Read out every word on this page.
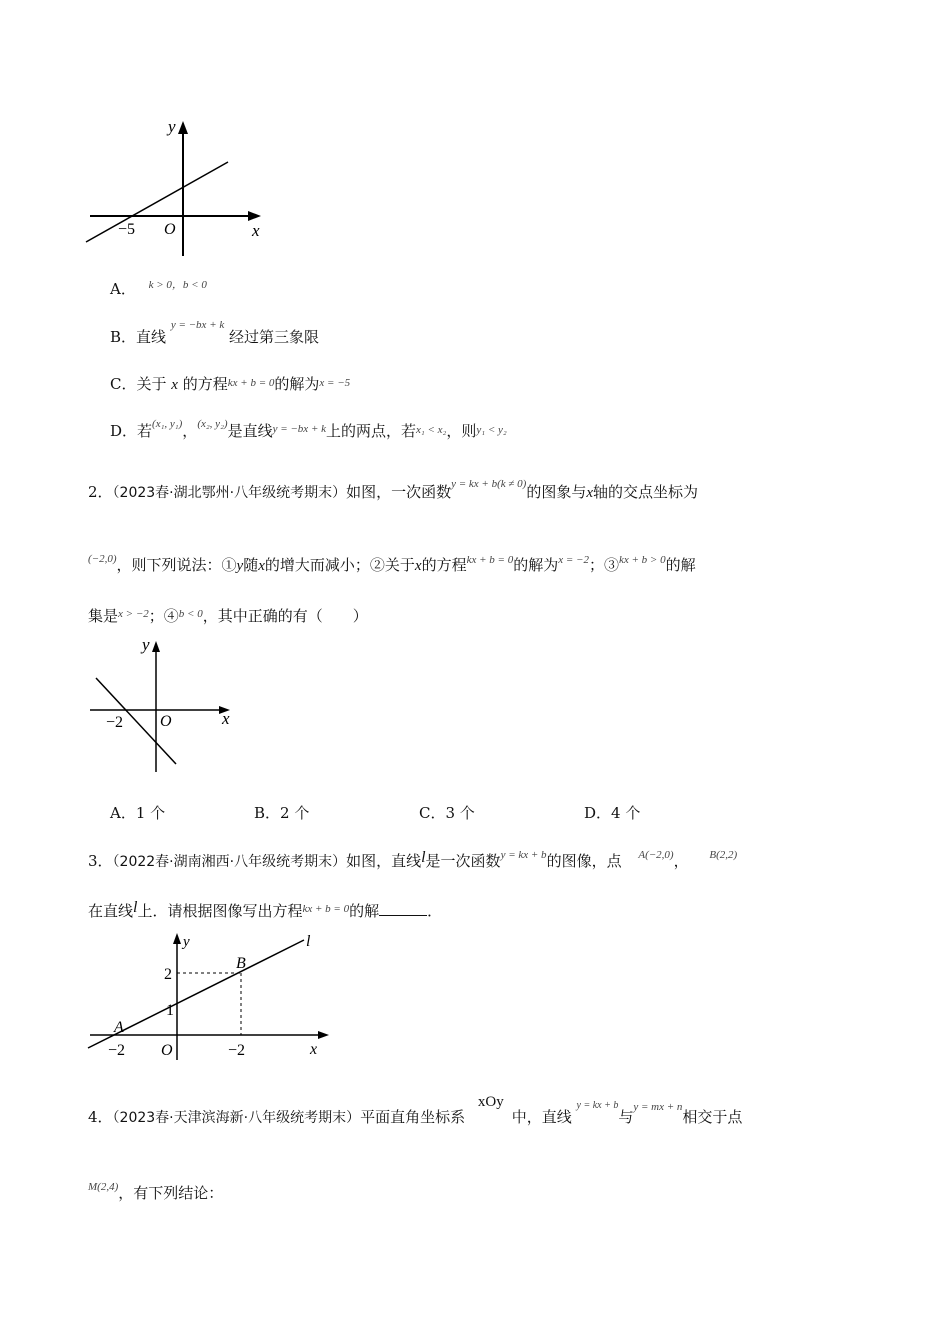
y
x
O
−5
A． $^{k > 0,b < 0}$
B．直线 $^{y = -bx + k}$ 经过第三象限
C．关于 x 的方程$^{kx + b = 0}$的解为$^{x = -5}$
D．若$^{(x_1, y_1)}$，$^{(x_2, y_2)}$是直线$^{y = -bx + k}$上的两点，若$^{x_1 < x_2}$，则$^{y_1 < y_2}$
2．（2023春·湖北鄂州·八年级统考期末）如图，一次函数$^{y = kx + b(k \ne 0)}$的图象与x轴的交点坐标为
$^{(-2,0)}$，则下列说法：①y随x的增大而减小；②关于x的方程$^{kx + b = 0}$的解为$^{x = -2}$；③$^{kx + b > 0}$的解
集是$^{x > -2}$；④$^{b < 0}$，其中正确的有（　　）
y
x
O
−2
A．1 个	B．2 个	C．3 个	D．4 个
3．（2022春·湖南湘西·八年级统考期末）如图，直线l是一次函数$^{y = kx + b}$的图像，点 $^{A(-2,0)}$， $^{B(2,2)}$
在直线l上．请根据图像写出方程$^{kx + b = 0}$的解	．
y
x
O
l
A
B
2
1
−2	−2
4．（2023春·天津滨海新·八年级统考期末）平面直角坐标系 xOy中，直线 $^{y = kx + b}$与$^{y = mx + n}$相交于点
$^{M(2,4)}$，有下列结论：
